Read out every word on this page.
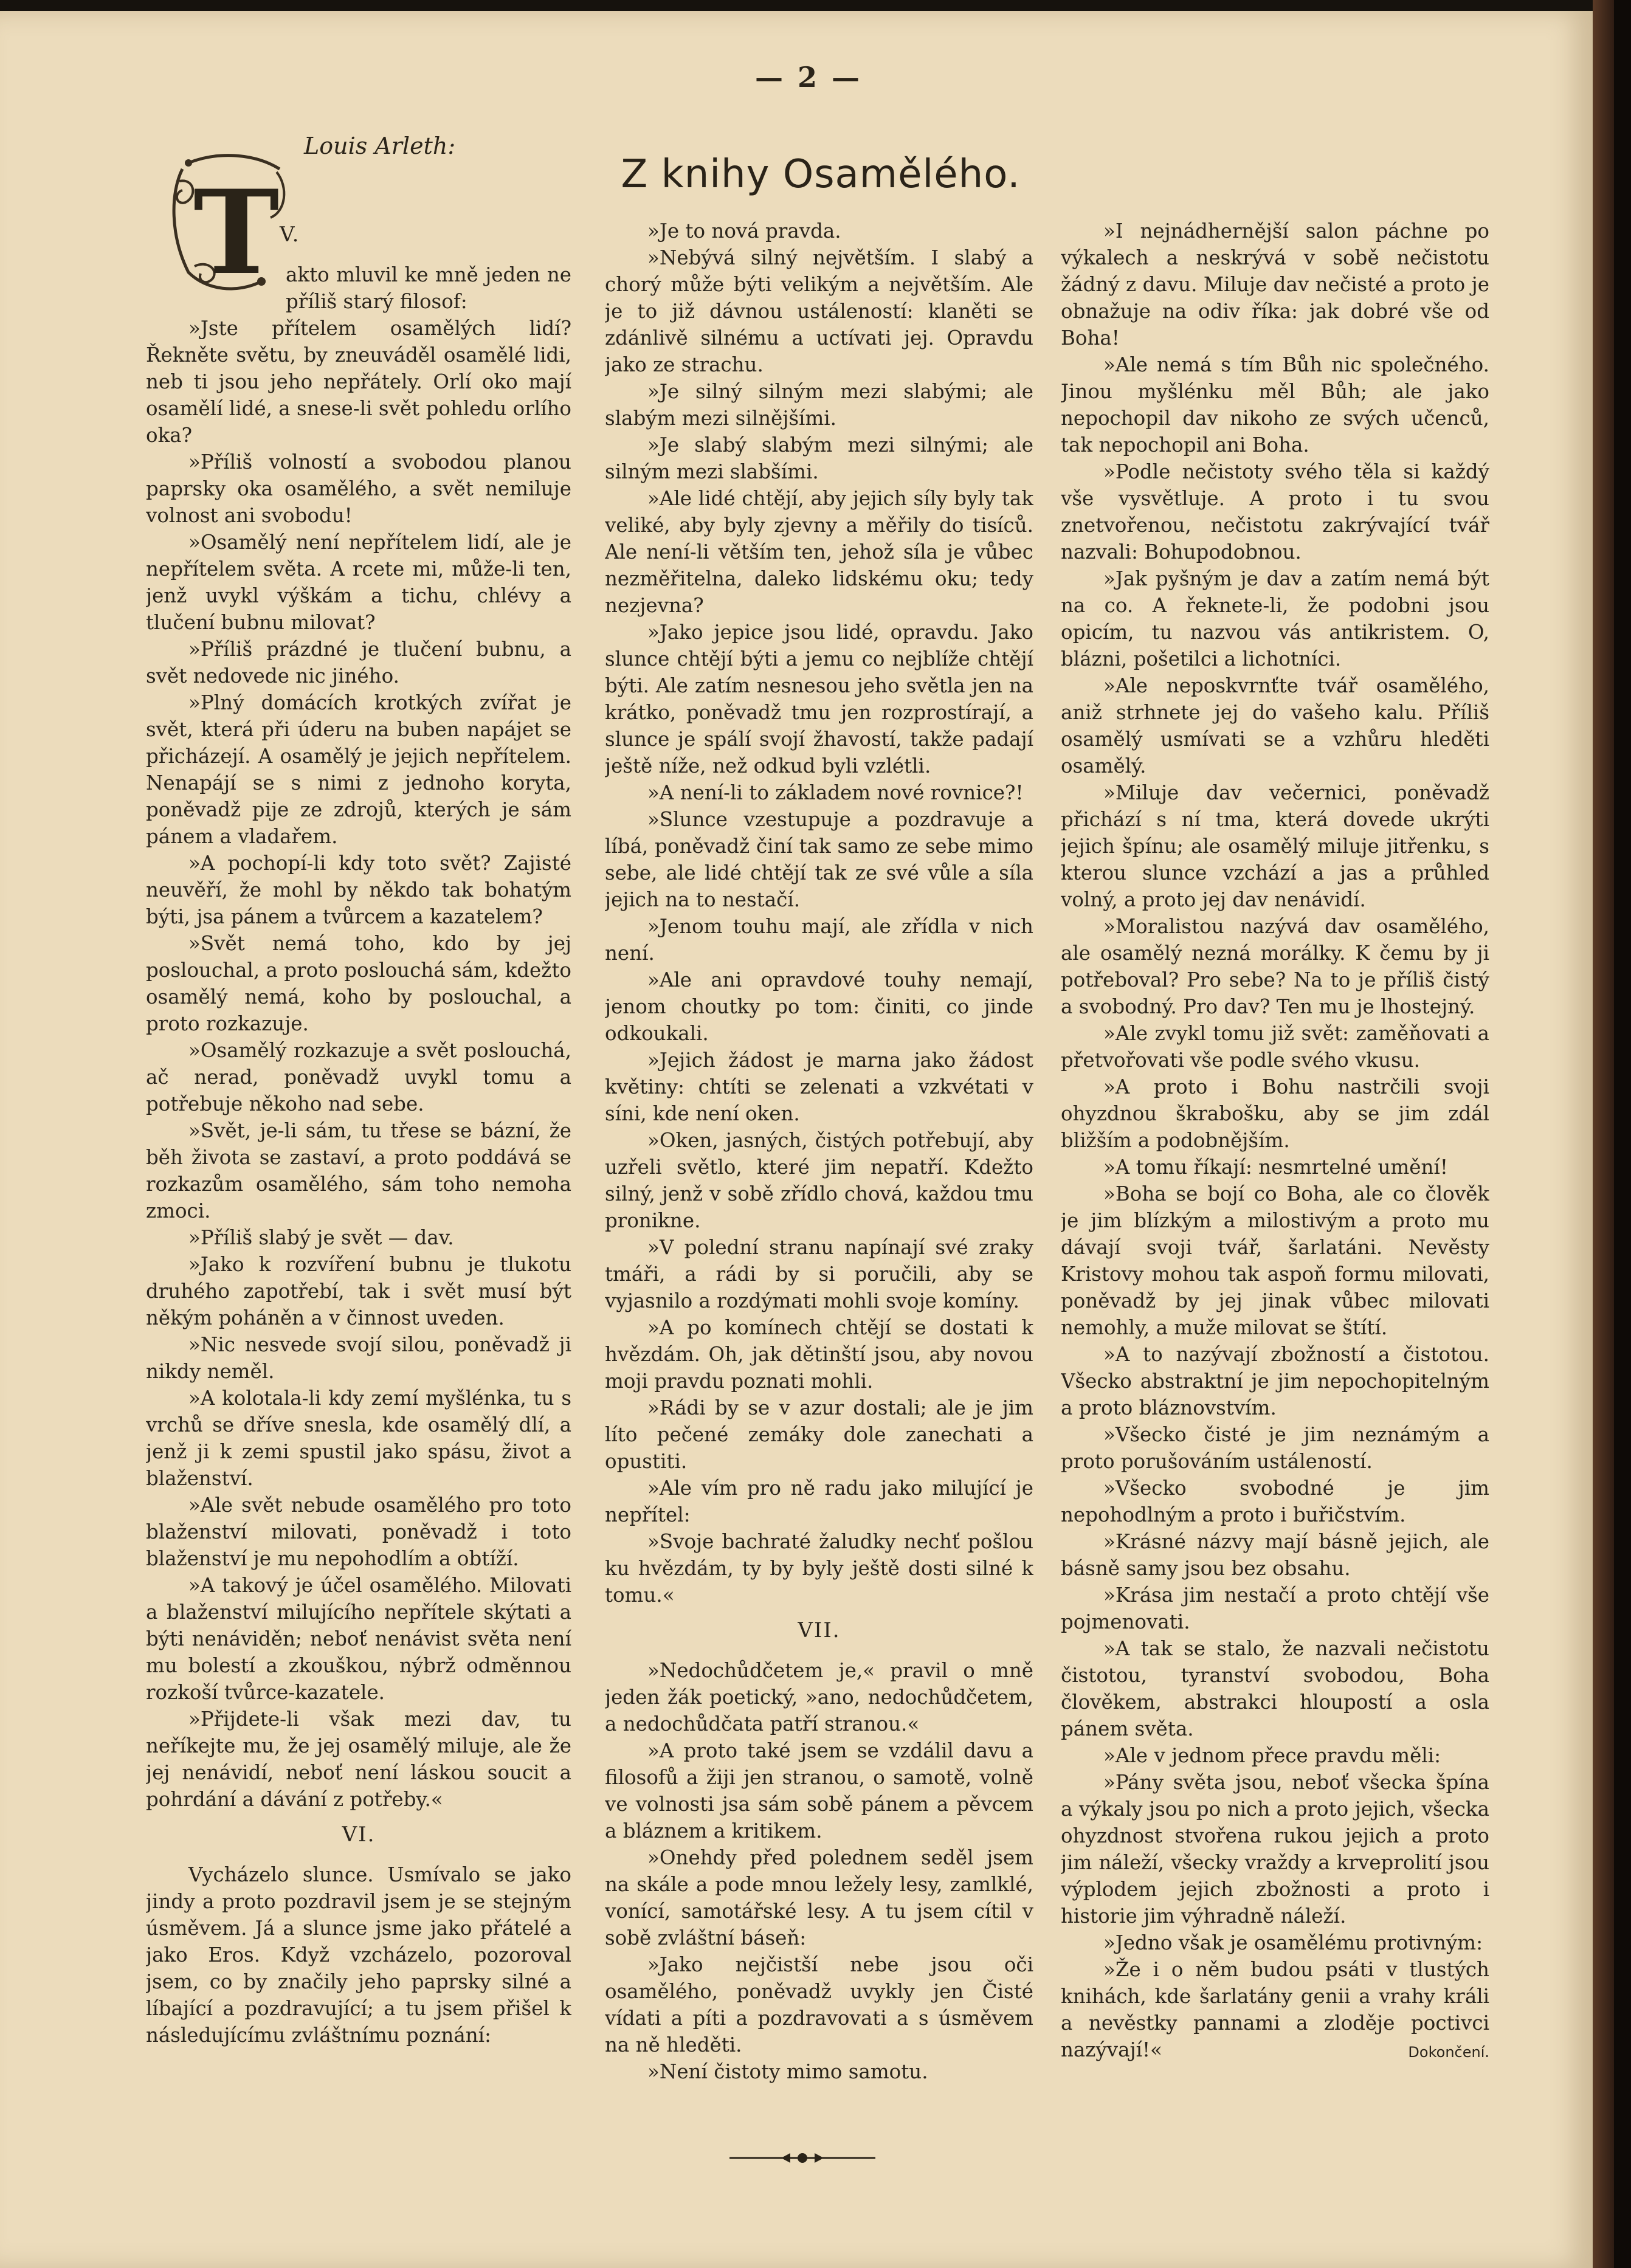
— 2 —
Louis Arleth:
Z knihy Osamělého.
T V.

akto mluvil ke mně jeden ne příliš starý filosof:

»Jste přítelem osamělých lidí? Řekněte světu, by zneuváděl osamělé lidi, neb ti jsou jeho nepřátely. Orlí oko mají osamělí lidé, a snese-li svět pohledu orlího oka?

»Příliš volností a svobodou planou paprsky oka osamělého, a svět nemiluje volnost ani svobodu!

»Osamělý není nepřítelem lidí, ale je nepřítelem světa. A rcete mi, může-li ten, jenž uvykl výškám a tichu, chlévy a tlučení bubnu milovat?

»Příliš prázdné je tlučení bubnu, a svět nedovede nic jiného.

»Plný domácích krotkých zvířat je svět, která při úderu na buben napájet se přicházejí. A osamělý je jejich nepřítelem. Nenapájí se s nimi z jednoho koryta, poněvadž pije ze zdrojů, kterých je sám pánem a vladařem.

»A pochopí-li kdy toto svět? Zajisté neuvěří, že mohl by někdo tak bohatým býti, jsa pánem a tvůrcem a kazatelem?

»Svět nemá toho, kdo by jej poslouchal, a proto poslouchá sám, kdežto osamělý nemá, koho by poslouchal, a proto rozkazuje.

»Osamělý rozkazuje a svět poslouchá, ač nerad, poněvadž uvykl tomu a potřebuje někoho nad sebe.

»Svět, je-li sám, tu třese se bázní, že běh života se zastaví, a proto poddává se rozkazům osamělého, sám toho nemoha zmoci.

»Příliš slabý je svět — dav.

»Jako k rozvíření bubnu je tlukotu druhého zapotřebí, tak i svět musí být někým poháněn a v činnost uveden.

»Nic nesvede svojí silou, poněvadž ji nikdy neměl.

»A kolotala-li kdy zemí myšlénka, tu s vrchů se dříve snesla, kde osamělý dlí, a jenž ji k zemi spustil jako spásu, život a blaženství.

»Ale svět nebude osamělého pro toto blaženství milovati, poněvadž i toto blaženství je mu nepohodlím a obtíží.

»A takový je účel osamělého. Milovati a blaženství milujícího nepřítele skýtati a býti nenáviděn; neboť nenávist světa není mu bolestí a zkouškou, nýbrž odměnnou rozkoší tvůrce-kazatele.

»Přijdete-li však mezi dav, tu neříkejte mu, že jej osamělý miluje, ale že jej nenávidí, neboť není láskou soucit a pohrdání a dávání z potřeby.«

VI.

Vycházelo slunce. Usmívalo se jako jindy a proto pozdravil jsem je se stejným úsměvem. Já a slunce jsme jako přátelé a jako Eros. Když vzcházelo, pozoroval jsem, co by značily jeho paprsky silné a líbající a pozdravující; a tu jsem přišel k následujícímu zvláštnímu poznání:

»Je to nová pravda.

»Nebývá silný největším. I slabý a chorý může býti velikým a největším. Ale je to již dávnou ustáleností: klaněti se zdánlivě silnému a uctívati jej. Opravdu jako ze strachu.

»Je silný silným mezi slabými; ale slabým mezi silnějšími.

»Je slabý slabým mezi silnými; ale silným mezi slabšími.

»Ale lidé chtějí, aby jejich síly byly tak veliké, aby byly zjevny a měřily do tisíců. Ale není-li větším ten, jehož síla je vůbec nezměřitelna, daleko lidskému oku; tedy nezjevna?

»Jako jepice jsou lidé, opravdu. Jako slunce chtějí býti a jemu co nejblíže chtějí býti. Ale zatím nesnesou jeho světla jen na krátko, poněvadž tmu jen rozprostírají, a slunce je spálí svojí žhavostí, takže padají ještě níže, než odkud byli vzlétli.

»A není-li to základem nové rovnice?!

»Slunce vzestupuje a pozdravuje a líbá, poněvadž činí tak samo ze sebe mimo sebe, ale lidé chtějí tak ze své vůle a síla jejich na to nestačí.

»Jenom touhu mají, ale zřídla v nich není.

»Ale ani opravdové touhy nemají, jenom choutky po tom: činiti, co jinde odkoukali.

»Jejich žádost je marna jako žádost květiny: chtíti se zelenati a vzkvétati v síni, kde není oken.

»Oken, jasných, čistých potřebují, aby uzřeli světlo, které jim nepatří. Kdežto silný, jenž v sobě zřídlo chová, každou tmu pronikne.

»V polední stranu napínají své zraky tmáři, a rádi by si poručili, aby se vyjasnilo a rozdýmati mohli svoje komíny.

»A po komínech chtějí se dostati k hvězdám. Oh, jak dětinští jsou, aby novou moji pravdu poznati mohli.

»Rádi by se v azur dostali; ale je jim líto pečené zemáky dole zanechati a opustiti.

»Ale vím pro ně radu jako milující je nepřítel:

»Svoje bachraté žaludky nechť pošlou ku hvězdám, ty by byly ještě dosti silné k tomu.«

VII.

»Nedochůdčetem je,« pravil o mně jeden žák poetický, »ano, nedochůdčetem, a nedochůdčata patří stranou.«

»A proto také jsem se vzdálil davu a filosofů a žiji jen stranou, o samotě, volně ve volnosti jsa sám sobě pánem a pěvcem a bláznem a kritikem.

»Onehdy před polednem seděl jsem na skále a pode mnou ležely lesy, zamlklé, vonící, samotářské lesy. A tu jsem cítil v sobě zvláštní báseň:

»Jako nejčistší nebe jsou oči osamělého, poněvadž uvykly jen Čisté vídati a píti a pozdravovati a s úsměvem na ně hleděti.

»Není čistoty mimo samotu.

»I nejnádhernější salon páchne po výkalech a neskrývá v sobě nečistotu žádný z davu. Miluje dav nečisté a proto je obnažuje na odiv říka: jak dobré vše od Boha!

»Ale nemá s tím Bůh nic společného. Jinou myšlénku měl Bůh; ale jako nepochopil dav nikoho ze svých učenců, tak nepochopil ani Boha.

»Podle nečistoty svého těla si každý vše vysvětluje. A proto i tu svou znetvořenou, nečistotu zakrývající tvář nazvali: Bohupodobnou.

»Jak pyšným je dav a zatím nemá být na co. A řeknete-li, že podobni jsou opicím, tu nazvou vás antikristem. O, blázni, pošetilci a lichotníci.

»Ale neposkvrnťte tvář osamělého, aniž strhnete jej do vašeho kalu. Příliš osamělý usmívati se a vzhůru hleděti osamělý.

»Miluje dav večernici, poněvadž přichází s ní tma, která dovede ukrýti jejich špínu; ale osamělý miluje jitřenku, s kterou slunce vzchází a jas a průhled volný, a proto jej dav nenávidí.

»Moralistou nazývá dav osamělého, ale osamělý nezná morálky. K čemu by ji potřeboval? Pro sebe? Na to je příliš čistý a svobodný. Pro dav? Ten mu je lhostejný.

»Ale zvykl tomu již svět: zaměňovati a přetvořovati vše podle svého vkusu.

»A proto i Bohu nastrčili svoji ohyzdnou škrabošku, aby se jim zdál bližším a podobnějším.

»A tomu říkají: nesmrtelné umění!

»Boha se bojí co Boha, ale co člověk je jim blízkým a milostivým a proto mu dávají svoji tvář, šarlatáni. Nevěsty Kristovy mohou tak aspoň formu milovati, poněvadž by jej jinak vůbec milovati nemohly, a muže milovat se štítí.

»A to nazývají zbožností a čistotou. Všecko abstraktní je jim nepochopitelným a proto bláznovstvím.

»Všecko čisté je jim neznámým a proto porušováním ustáleností.

»Všecko svobodné je jim nepohodlným a proto i buřičstvím.

»Krásné názvy mají básně jejich, ale básně samy jsou bez obsahu.

»Krása jim nestačí a proto chtějí vše pojmenovati.

»A tak se stalo, že nazvali nečistotu čistotou, tyranství svobodou, Boha člověkem, abstrakci hloupostí a osla pánem světa.

»Ale v jednom přece pravdu měli:

»Pány světa jsou, neboť všecka špína a výkaly jsou po nich a proto jejich, všecka ohyzdnost stvořena rukou jejich a proto jim náleží, všecky vraždy a krveprolití jsou výplodem jejich zbožnosti a proto i historie jim výhradně náleží.

»Jedno však je osamělému protivným:

»Že i o něm budou psáti v tlustých knihách, kde šarlatány genii a vrahy králi a nevěstky pannami a zloděje poctivci nazývají!«	Dokončení.
